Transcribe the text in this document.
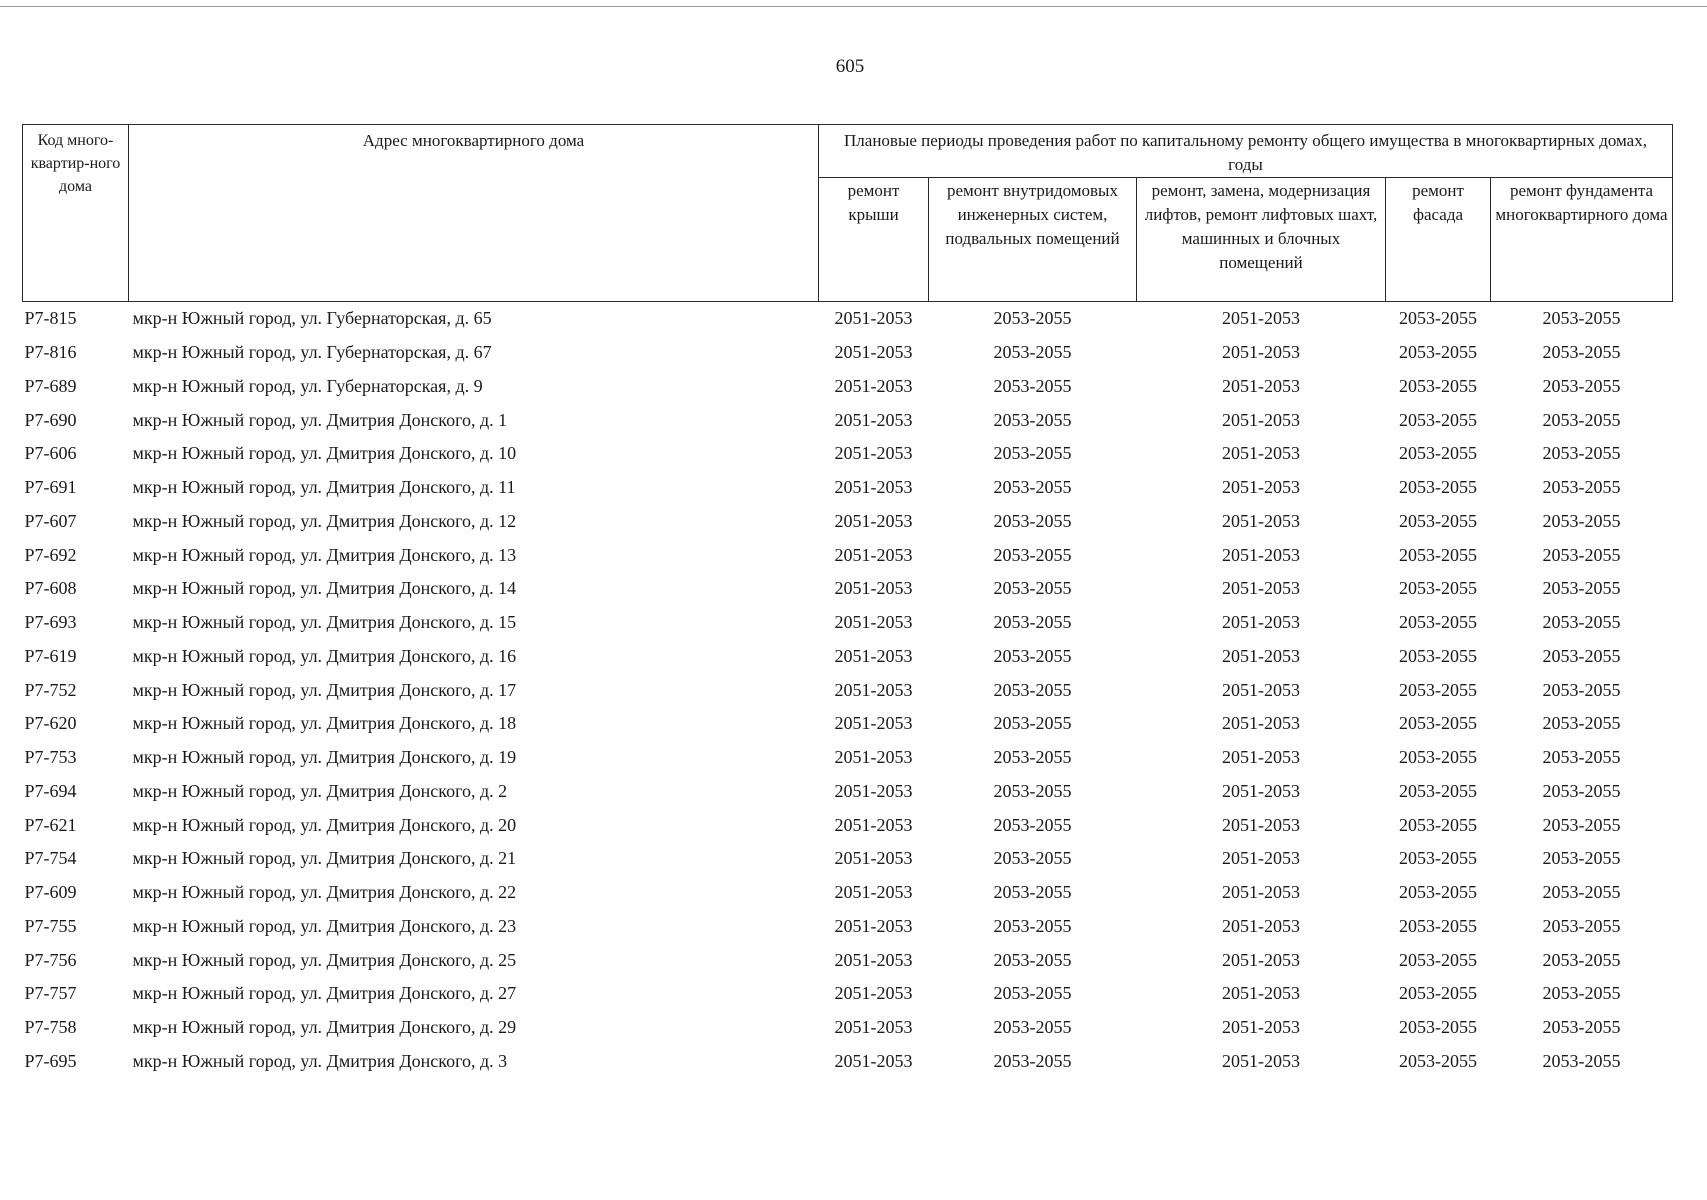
605
Код много-квартир-ного дома	Адрес многоквартирного дома	Плановые периоды проведения работ по капитальному ремонту общего имущества в многоквартирных домах, годы				
		ремонт крыши	ремонт внутридомовых инженерных систем, подвальных помещений	ремонт, замена, модернизация лифтов, ремонт лифтовых шахт, машинных и блочных помещений	ремонт фасада	ремонт фундамента многоквартирного дома
Р7-815	мкр-н Южный город, ул. Губернаторская, д. 65	2051-2053	2053-2055	2051-2053	2053-2055	2053-2055
Р7-816	мкр-н Южный город, ул. Губернаторская, д. 67	2051-2053	2053-2055	2051-2053	2053-2055	2053-2055
Р7-689	мкр-н Южный город, ул. Губернаторская, д. 9	2051-2053	2053-2055	2051-2053	2053-2055	2053-2055
Р7-690	мкр-н Южный город, ул. Дмитрия Донского, д. 1	2051-2053	2053-2055	2051-2053	2053-2055	2053-2055
Р7-606	мкр-н Южный город, ул. Дмитрия Донского, д. 10	2051-2053	2053-2055	2051-2053	2053-2055	2053-2055
Р7-691	мкр-н Южный город, ул. Дмитрия Донского, д. 11	2051-2053	2053-2055	2051-2053	2053-2055	2053-2055
Р7-607	мкр-н Южный город, ул. Дмитрия Донского, д. 12	2051-2053	2053-2055	2051-2053	2053-2055	2053-2055
Р7-692	мкр-н Южный город, ул. Дмитрия Донского, д. 13	2051-2053	2053-2055	2051-2053	2053-2055	2053-2055
Р7-608	мкр-н Южный город, ул. Дмитрия Донского, д. 14	2051-2053	2053-2055	2051-2053	2053-2055	2053-2055
Р7-693	мкр-н Южный город, ул. Дмитрия Донского, д. 15	2051-2053	2053-2055	2051-2053	2053-2055	2053-2055
Р7-619	мкр-н Южный город, ул. Дмитрия Донского, д. 16	2051-2053	2053-2055	2051-2053	2053-2055	2053-2055
Р7-752	мкр-н Южный город, ул. Дмитрия Донского, д. 17	2051-2053	2053-2055	2051-2053	2053-2055	2053-2055
Р7-620	мкр-н Южный город, ул. Дмитрия Донского, д. 18	2051-2053	2053-2055	2051-2053	2053-2055	2053-2055
Р7-753	мкр-н Южный город, ул. Дмитрия Донского, д. 19	2051-2053	2053-2055	2051-2053	2053-2055	2053-2055
Р7-694	мкр-н Южный город, ул. Дмитрия Донского, д. 2	2051-2053	2053-2055	2051-2053	2053-2055	2053-2055
Р7-621	мкр-н Южный город, ул. Дмитрия Донского, д. 20	2051-2053	2053-2055	2051-2053	2053-2055	2053-2055
Р7-754	мкр-н Южный город, ул. Дмитрия Донского, д. 21	2051-2053	2053-2055	2051-2053	2053-2055	2053-2055
Р7-609	мкр-н Южный город, ул. Дмитрия Донского, д. 22	2051-2053	2053-2055	2051-2053	2053-2055	2053-2055
Р7-755	мкр-н Южный город, ул. Дмитрия Донского, д. 23	2051-2053	2053-2055	2051-2053	2053-2055	2053-2055
Р7-756	мкр-н Южный город, ул. Дмитрия Донского, д. 25	2051-2053	2053-2055	2051-2053	2053-2055	2053-2055
Р7-757	мкр-н Южный город, ул. Дмитрия Донского, д. 27	2051-2053	2053-2055	2051-2053	2053-2055	2053-2055
Р7-758	мкр-н Южный город, ул. Дмитрия Донского, д. 29	2051-2053	2053-2055	2051-2053	2053-2055	2053-2055
Р7-695	мкр-н Южный город, ул. Дмитрия Донского, д. 3	2051-2053	2053-2055	2051-2053	2053-2055	2053-2055
